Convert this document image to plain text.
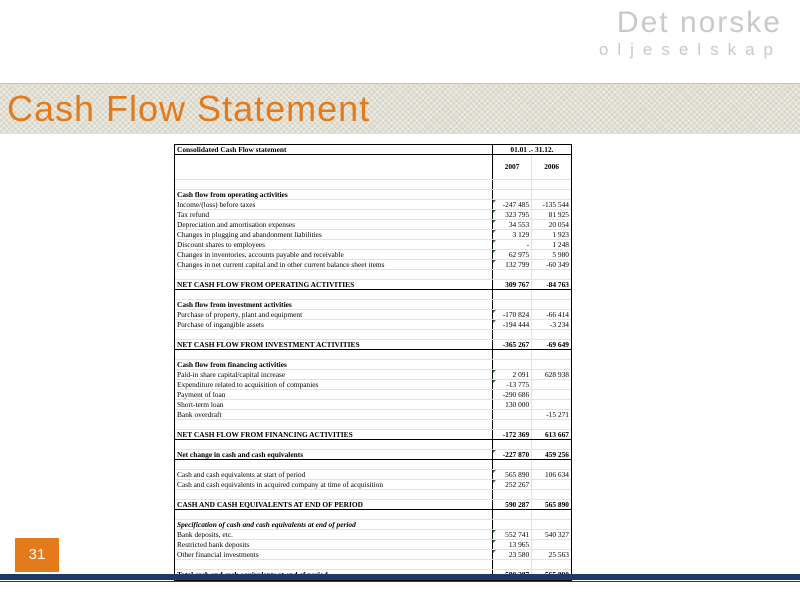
Det norske
oljeselskap
Cash Flow Statement
Consolidated Cash Flow statement	01.01 .- 31.12.	
	2007	2006

Cash flow from operating activities		
Income/(loss) before taxes	-247 485	-135 544
Tax refund	323 795	81 925
Depreciation and amortisation expenses	34 553	20 054
Changes in plugging and abandonment liabilities	3 129	1 923
Discount shares to employees	-	1 248
Changes in inventories, accounts payable and receivable	62 975	5 980
Changes in net current capital and in other current balance sheet items	132 799	-60 349

NET CASH FLOW FROM OPERATING ACTIVITIES	309 767	-84 763

Cash flow from investment activities		
Purchase of property, plant and equipment	-170 824	-66 414
Purchase of ingangible assets	-194 444	-3 234

NET CASH FLOW FROM INVESTMENT ACTIVITIES	-365 267	-69 649

Cash flow from financing activities		
Paid-in share capital/capital increase	2 091	628 938
Expenditure related to acquisition of companies	-13 775	
Payment of loan	-290 686	
Short-term loan	130 000	
Bank overdraft		-15 271

NET CASH FLOW FROM FINANCING ACTIVITIES	-172 369	613 667

Net change in cash and cash equivalents	-227 870	459 256

Cash and cash equivalents at start of period	565 890	106 634
Cash and cash equivalents in acquired company at time of acquisition	252 267	

CASH AND CASH EQUIVALENTS AT END OF PERIOD	590 287	565 890

Specification of cash and cash equivalents at end of period		
Bank deposits, etc.	552 741	540 327
Restricted bank deposits	13 965	
Other financial investments	23 580	25 563

31
